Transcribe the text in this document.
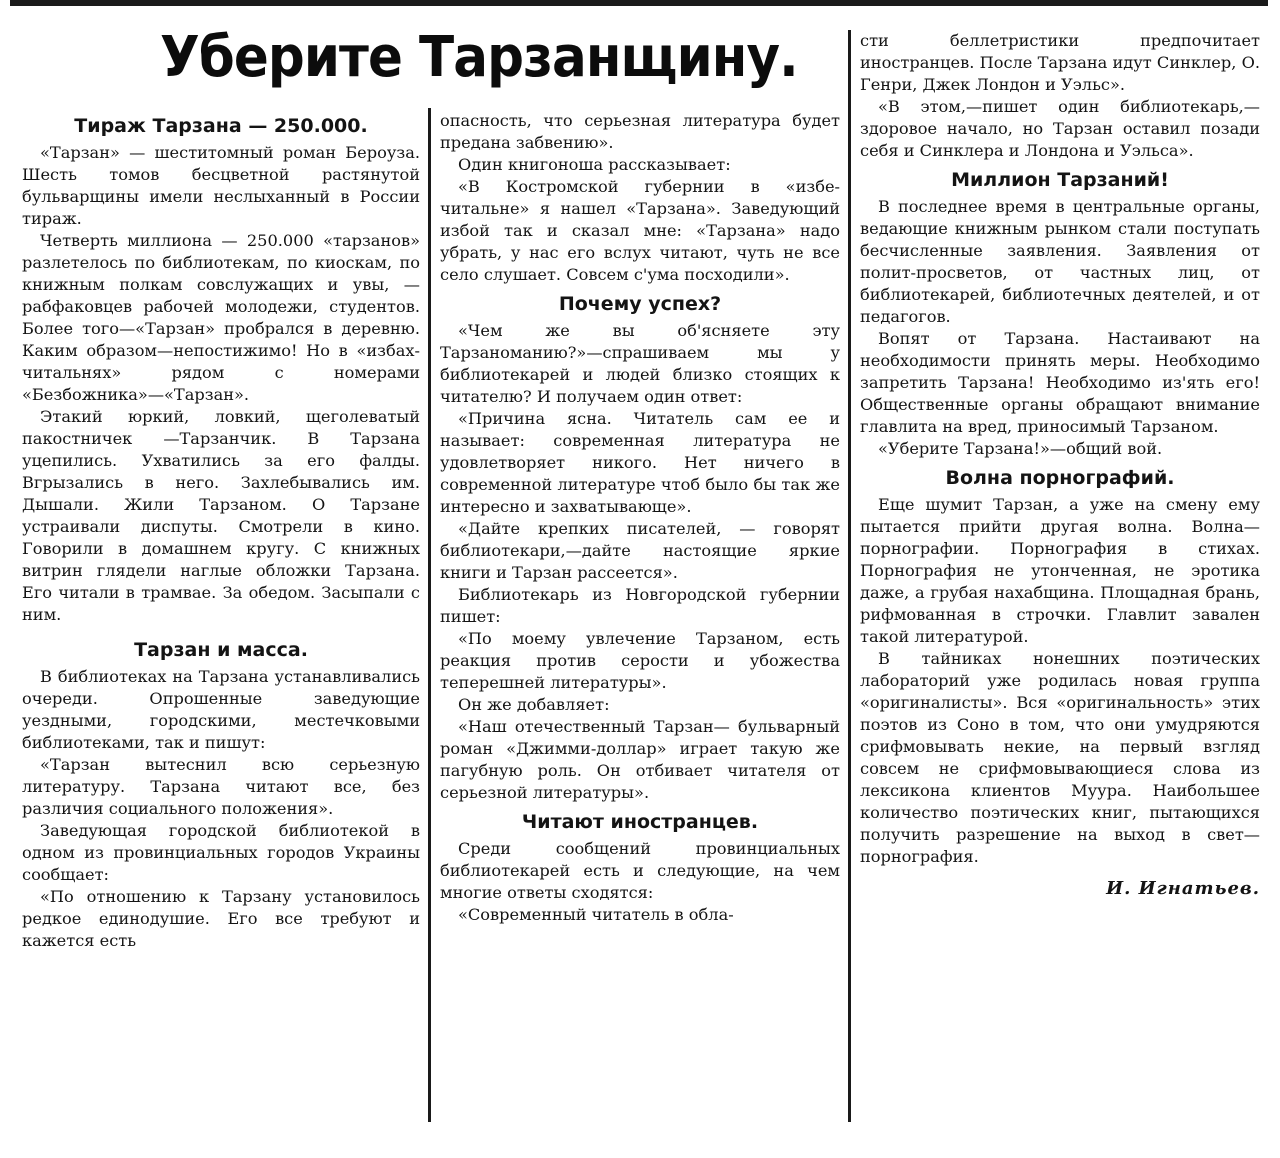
Уберите Тарзанщину.
Тираж Тарзана — 250.000.

«Тарзан» — шеститомный роман Бероуза. Шесть томов бесцветной растянутой бульварщины имели неслыханный в России тираж.

Четверть миллиона — 250.000 «тарзанов» разлетелось по библиотекам, по киоскам, по книжным полкам совслужащих и увы, —рабфаковцев рабочей молодежи, студентов. Более того—«Тарзан» пробрался в деревню. Каким образом—непостижимо! Но в «избах-читальнях» рядом с номерами «Безбожника»—«Тарзан».

Этакий юркий, ловкий, щеголеватый пакостничек —Тарзанчик. В Тарзана уцепились. Ухватились за его фалды. Вгрызались в него. Захлебывались им. Дышали. Жили Тарзаном. О Тарзане устраивали диспуты. Смотрели в кино. Говорили в домашнем кругу. С книжных витрин глядели наглые обложки Тарзана. Его читали в трамвае. За обедом. Засыпали с ним.

Тарзан и масса.

В библиотеках на Тарзана устанавливались очереди. Опрошенные заведующие уездными, городскими, местечковыми библиотеками, так и пишут:

«Тарзан вытеснил всю серьезную литературу. Тарзана читают все, без различия социального положения».

Заведующая городской библиотекой в одном из провинциальных городов Украины сообщает:

«По отношению к Тарзану установилось редкое единодушие. Его все требуют и кажется есть

опасность, что серьезная литература будет предана забвению».

Один книгоноша рассказывает:

«В Костромской губернии в «избе-читальне» я нашел «Тарзана». Заведующий избой так и сказал мне: «Тарзана» надо убрать, у нас его вслух читают, чуть не все село слушает. Совсем с'ума посходили».

Почему успех?

«Чем же вы об'ясняете эту Тарзаноманию?»—спрашиваем мы у библиотекарей и людей близко стоящих к читателю? И получаем один ответ:

«Причина ясна. Читатель сам ее и называет: современная литература не удовлетворяет никого. Нет ничего в современной литературе чтоб было бы так же интересно и захватывающе».

«Дайте крепких писателей, — говорят библиотекари,—дайте настоящие яркие книги и Тарзан рассеется».

Библиотекарь из Новгородской губернии пишет:

«По моему увлечение Тарзаном, есть реакция против серости и убожества теперешней литературы».

Он же добавляет:

«Наш отечественный Тарзан— бульварный роман «Джимми-доллар» играет такую же пагубную роль. Он отбивает читателя от серьезной литературы».

Читают иностранцев.

Среди сообщений провинциальных библиотекарей есть и следующие, на чем многие ответы сходятся:

«Современный читатель в обла-

сти беллетристики предпочитает иностранцев. После Тарзана идут Синклер, О. Генри, Джек Лондон и Уэльс».

«В этом,—пишет один библиотекарь,—здоровое начало, но Тарзан оставил позади себя и Синклера и Лондона и Уэльса».

Миллион Тарзаний!

В последнее время в центральные органы, ведающие книжным рынком стали поступать бесчисленные заявления. Заявления от полит-просветов, от частных лиц, от библиотекарей, библиотечных деятелей, и от педагогов.

Вопят от Тарзана. Настаивают на необходимости принять меры. Необходимо запретить Тарзана! Необходимо из'ять его! Общественные органы обращают внимание главлита на вред, приносимый Тарзаном.

«Уберите Тарзана!»—общий вой.

Волна порнографий.

Еще шумит Тарзан, а уже на смену ему пытается прийти другая волна. Волна—порнографии. Порнография в стихах. Порнография не утонченная, не эротика даже, а грубая нахабщина. Площадная брань, рифмованная в строчки. Главлит завален такой литературой.

В тайниках нонешних поэтических лабораторий уже родилась новая группа «оригиналисты». Вся «оригинальность» этих поэтов из Соно в том, что они умудряются срифмовывать некие, на первый взгляд совсем не срифмовывающиеся слова из лексикона клиентов Муура. Наибольшее количество поэтических книг, пытающихся получить разрешение на выход в свет—порнография.

И. Игнатьев.
